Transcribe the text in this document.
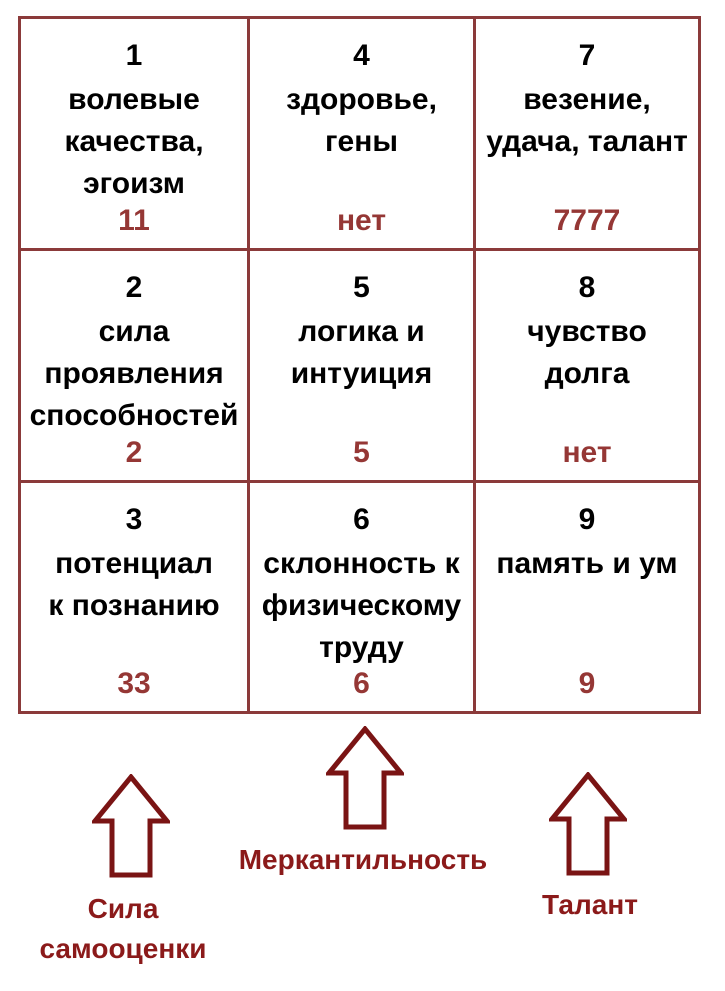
1
волевые
качества,
эгоизм
11
4
здоровье,
гены
нет
7
везение,
удача, талант
7777
2
сила
проявления
способностей
2
5
логика и
интуиция
5
8
чувство
долга
нет
3
потенциал
к познанию
33
6
склонность к
физическому
труду
6
9
память и ум
9
Сила
самооценки
Меркантильность
Талант
